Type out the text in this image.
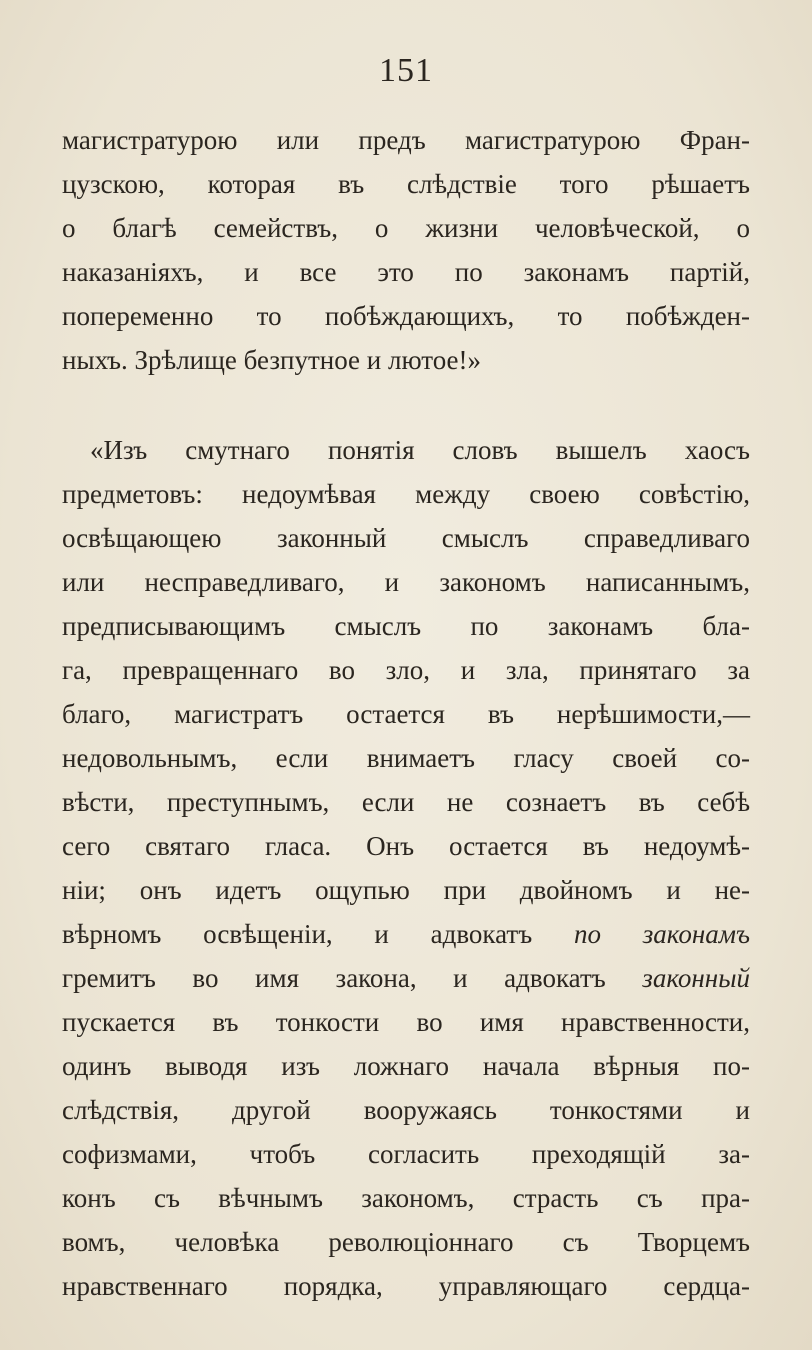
151
магистратурою или предъ магистратурою Фран-
цузскою, которая въ слѣдствіе того рѣшаетъ
о благѣ семействъ, о жизни человѣческой, о
наказаніяхъ, и все это по законамъ партій,
попеременно то побѣждающихъ, то побѣжден-
ныхъ. Зрѣлище безпутное и лютое!»
«Изъ смутнаго понятія словъ вышелъ хаосъ
предметовъ: недоумѣвая между своею совѣстію,
освѣщающею законный смыслъ справедливаго
или несправедливаго, и закономъ написаннымъ,
предписывающимъ смыслъ по законамъ бла-
га, превращеннаго во зло, и зла, принятаго за
благо, магистратъ остается въ нерѣшимости,—
недовольнымъ, если внимаетъ гласу своей со-
вѣсти, преступнымъ, если не сознаетъ въ себѣ
сего святаго гласа. Онъ остается въ недоумѣ-
ніи; онъ идетъ ощупью при двойномъ и не-
вѣрномъ освѣщеніи, и адвокатъ по законамъ
гремитъ во имя закона, и адвокатъ законный
пускается въ тонкости во имя нравственности,
одинъ выводя изъ ложнаго начала вѣрныя по-
слѣдствія, другой вооружаясь тонкостями и
софизмами, чтобъ согласить преходящій за-
конъ съ вѣчнымъ закономъ, страсть съ пра-
вомъ, человѣка революціоннаго съ Творцемъ
нравственнаго порядка, управляющаго сердца-
